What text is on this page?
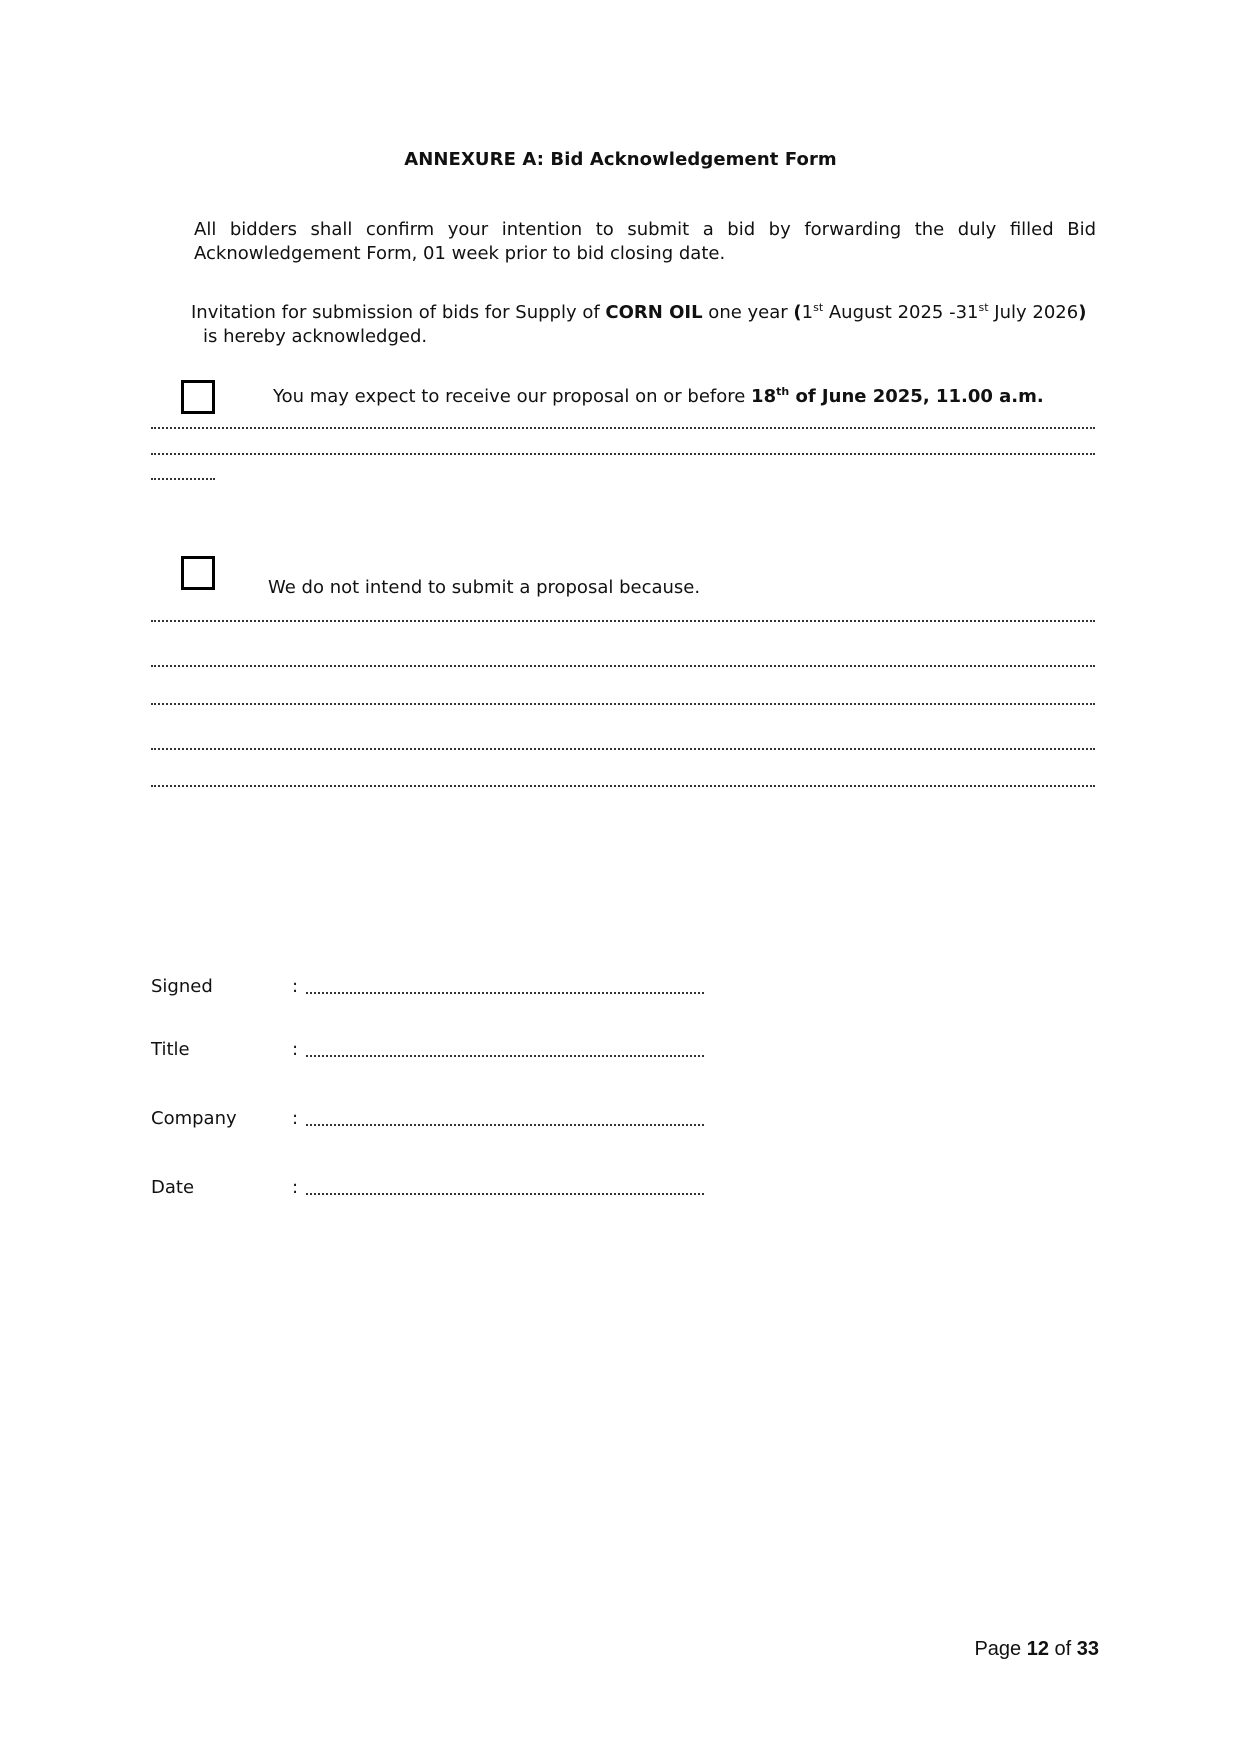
ANNEXURE A: Bid Acknowledgement Form
All bidders shall confirm your intention to submit a bid by forwarding the duly filled Bid Acknowledgement Form, 01 week prior to bid closing date.
Invitation for submission of bids for Supply of CORN OIL one year (1st August 2025 -31st July 2026)
is hereby acknowledged.
You may expect to receive our proposal on or before 18th of June 2025, 11.00 a.m.
We do not intend to submit a proposal because.
Signed	:
Title	:
Company	:
Date	:
Page 12 of 33
